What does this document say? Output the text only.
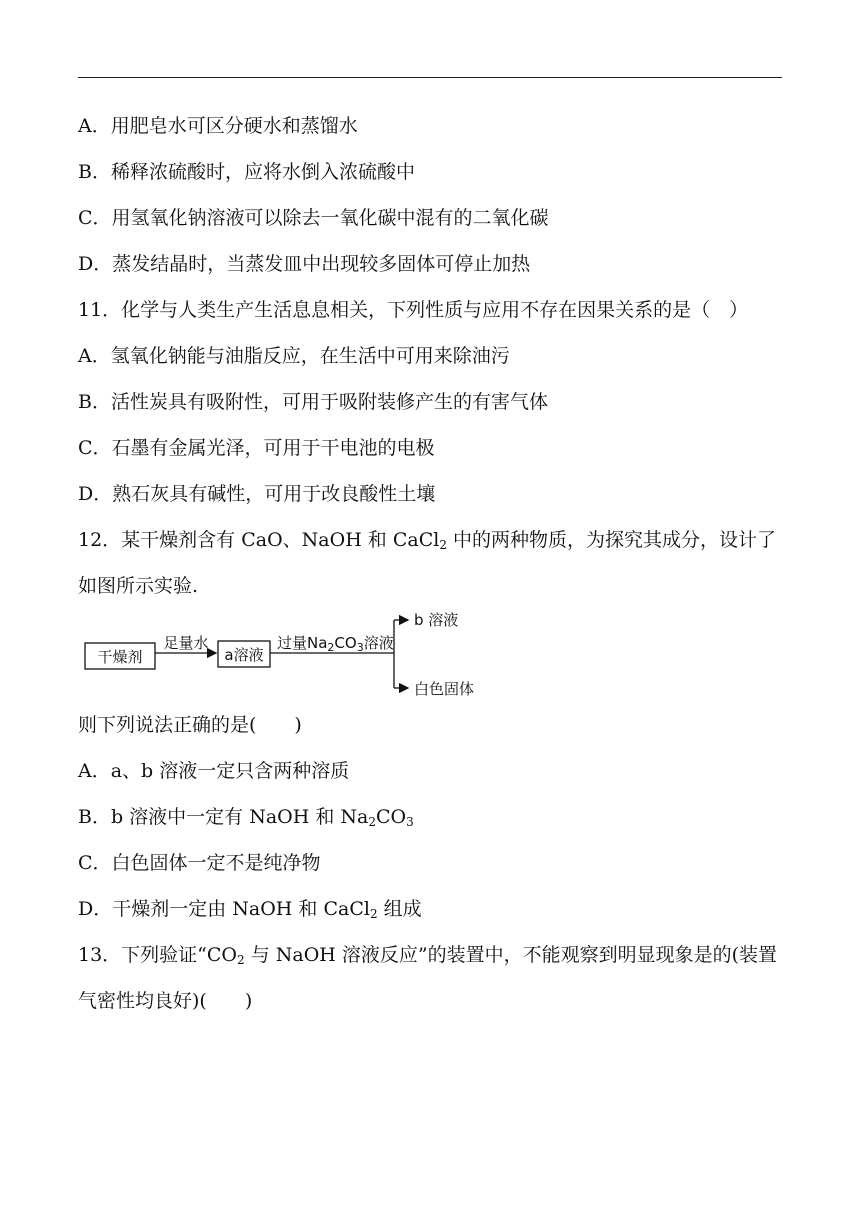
A．用肥皂水可区分硬水和蒸馏水
B．稀释浓硫酸时，应将水倒入浓硫酸中
C．用氢氧化钠溶液可以除去一氧化碳中混有的二氧化碳
D．蒸发结晶时，当蒸发皿中出现较多固体可停止加热
11．化学与人类生产生活息息相关，下列性质与应用不存在因果关系的是（　）
A．氢氧化钠能与油脂反应，在生活中可用来除油污
B．活性炭具有吸附性，可用于吸附装修产生的有害气体
C．石墨有金属光泽，可用于干电池的电极
D．熟石灰具有碱性，可用于改良酸性土壤
12．某干燥剂含有 CaO、NaOH 和 CaCl$_2$ 中的两种物质，为探究其成分，设计了
如图所示实验.
干燥剂
足量水
a溶液
过量$Na_2CO_3$溶液
b 溶液
白色固体
则下列说法正确的是(　　)
A．a、b 溶液一定只含两种溶质
B．b 溶液中一定有 NaOH 和 $Na_2CO_3$
C．白色固体一定不是纯净物
D．干燥剂一定由 NaOH 和 CaCl$_2$ 组成
13．下列验证“$CO_2$ 与 NaOH 溶液反应”的装置中，不能观察到明显现象是的(装置
气密性均良好)(　　)
